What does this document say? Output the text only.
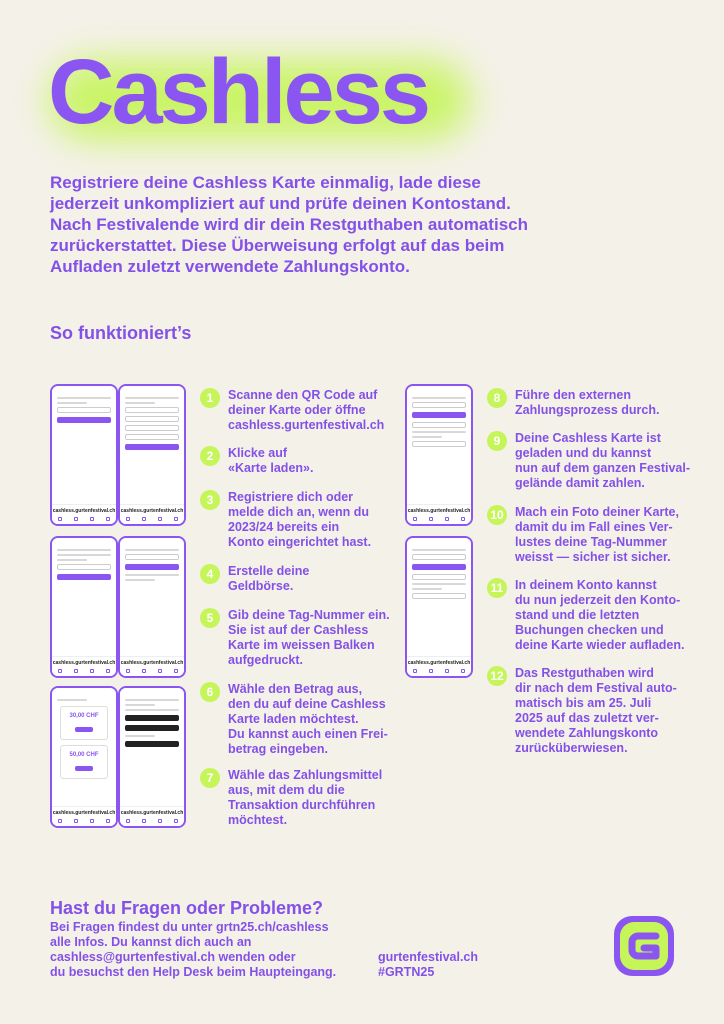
Cashless

Registriere deine Cashless Karte einmalig, lade diese jederzeit unkompliziert auf und prüfe deinen Kontostand. Nach Festivalende wird dir dein Restguthaben automatisch zurückerstattet. Diese Überweisung erfolgt auf das beim Aufladen zuletzt verwendete Zahlungskonto.

So funktioniert’s
cashless.gurtenfestival.ch cashless.gurtenfestival.ch
cashless.gurtenfestival.ch cashless.gurtenfestival.ch
30,00 CHF
50,00 CHF
cashless.gurtenfestival.ch cashless.gurtenfestival.ch
cashless.gurtenfestival.ch
cashless.gurtenfestival.ch
1	Scanne den QR Code auf
deiner Karte oder öffne
cashless.gurtenfestival.ch
2	Klicke auf
«Karte laden».
3	Registriere dich oder
melde dich an, wenn du
2023/24 bereits ein
Konto eingerichtet hast.
4	Erstelle deine
Geldbörse.
5	Gib deine Tag-Nummer ein.
Sie ist auf der Cashless
Karte im weissen Balken
aufgedruckt.
6	Wähle den Betrag aus,
den du auf deine Cashless
Karte laden möchtest.
Du kannst auch einen Frei-
betrag eingeben.
7	Wähle das Zahlungsmittel
aus, mit dem du die
Transaktion durchführen
möchtest.
8	Führe den externen
Zahlungsprozess durch.
9	Deine Cashless Karte ist
geladen und du kannst
nun auf dem ganzen Festival-
gelände damit zahlen.
10 Mach ein Foto deiner Karte,
damit du im Fall eines Ver-
lustes deine Tag-Nummer
weisst — sicher ist sicher.
11 In deinem Konto kannst
du nun jederzeit den Konto-
stand und die letzten
Buchungen checken und
deine Karte wieder aufladen.
12 Das Restguthaben wird
dir nach dem Festival auto-
matisch bis am 25. Juli
2025 auf das zuletzt ver-
wendete Zahlungskonto
zurücküberwiesen.
Hast du Fragen oder Probleme?

Bei Fragen findest du unter grtn25.ch/cashless
alle Infos. Du kannst dich auch an
cashless@gurtenfestival.ch wenden oder
du besuchst den Help Desk beim Haupteingang.

gurtenfestival.ch
#GRTN25
